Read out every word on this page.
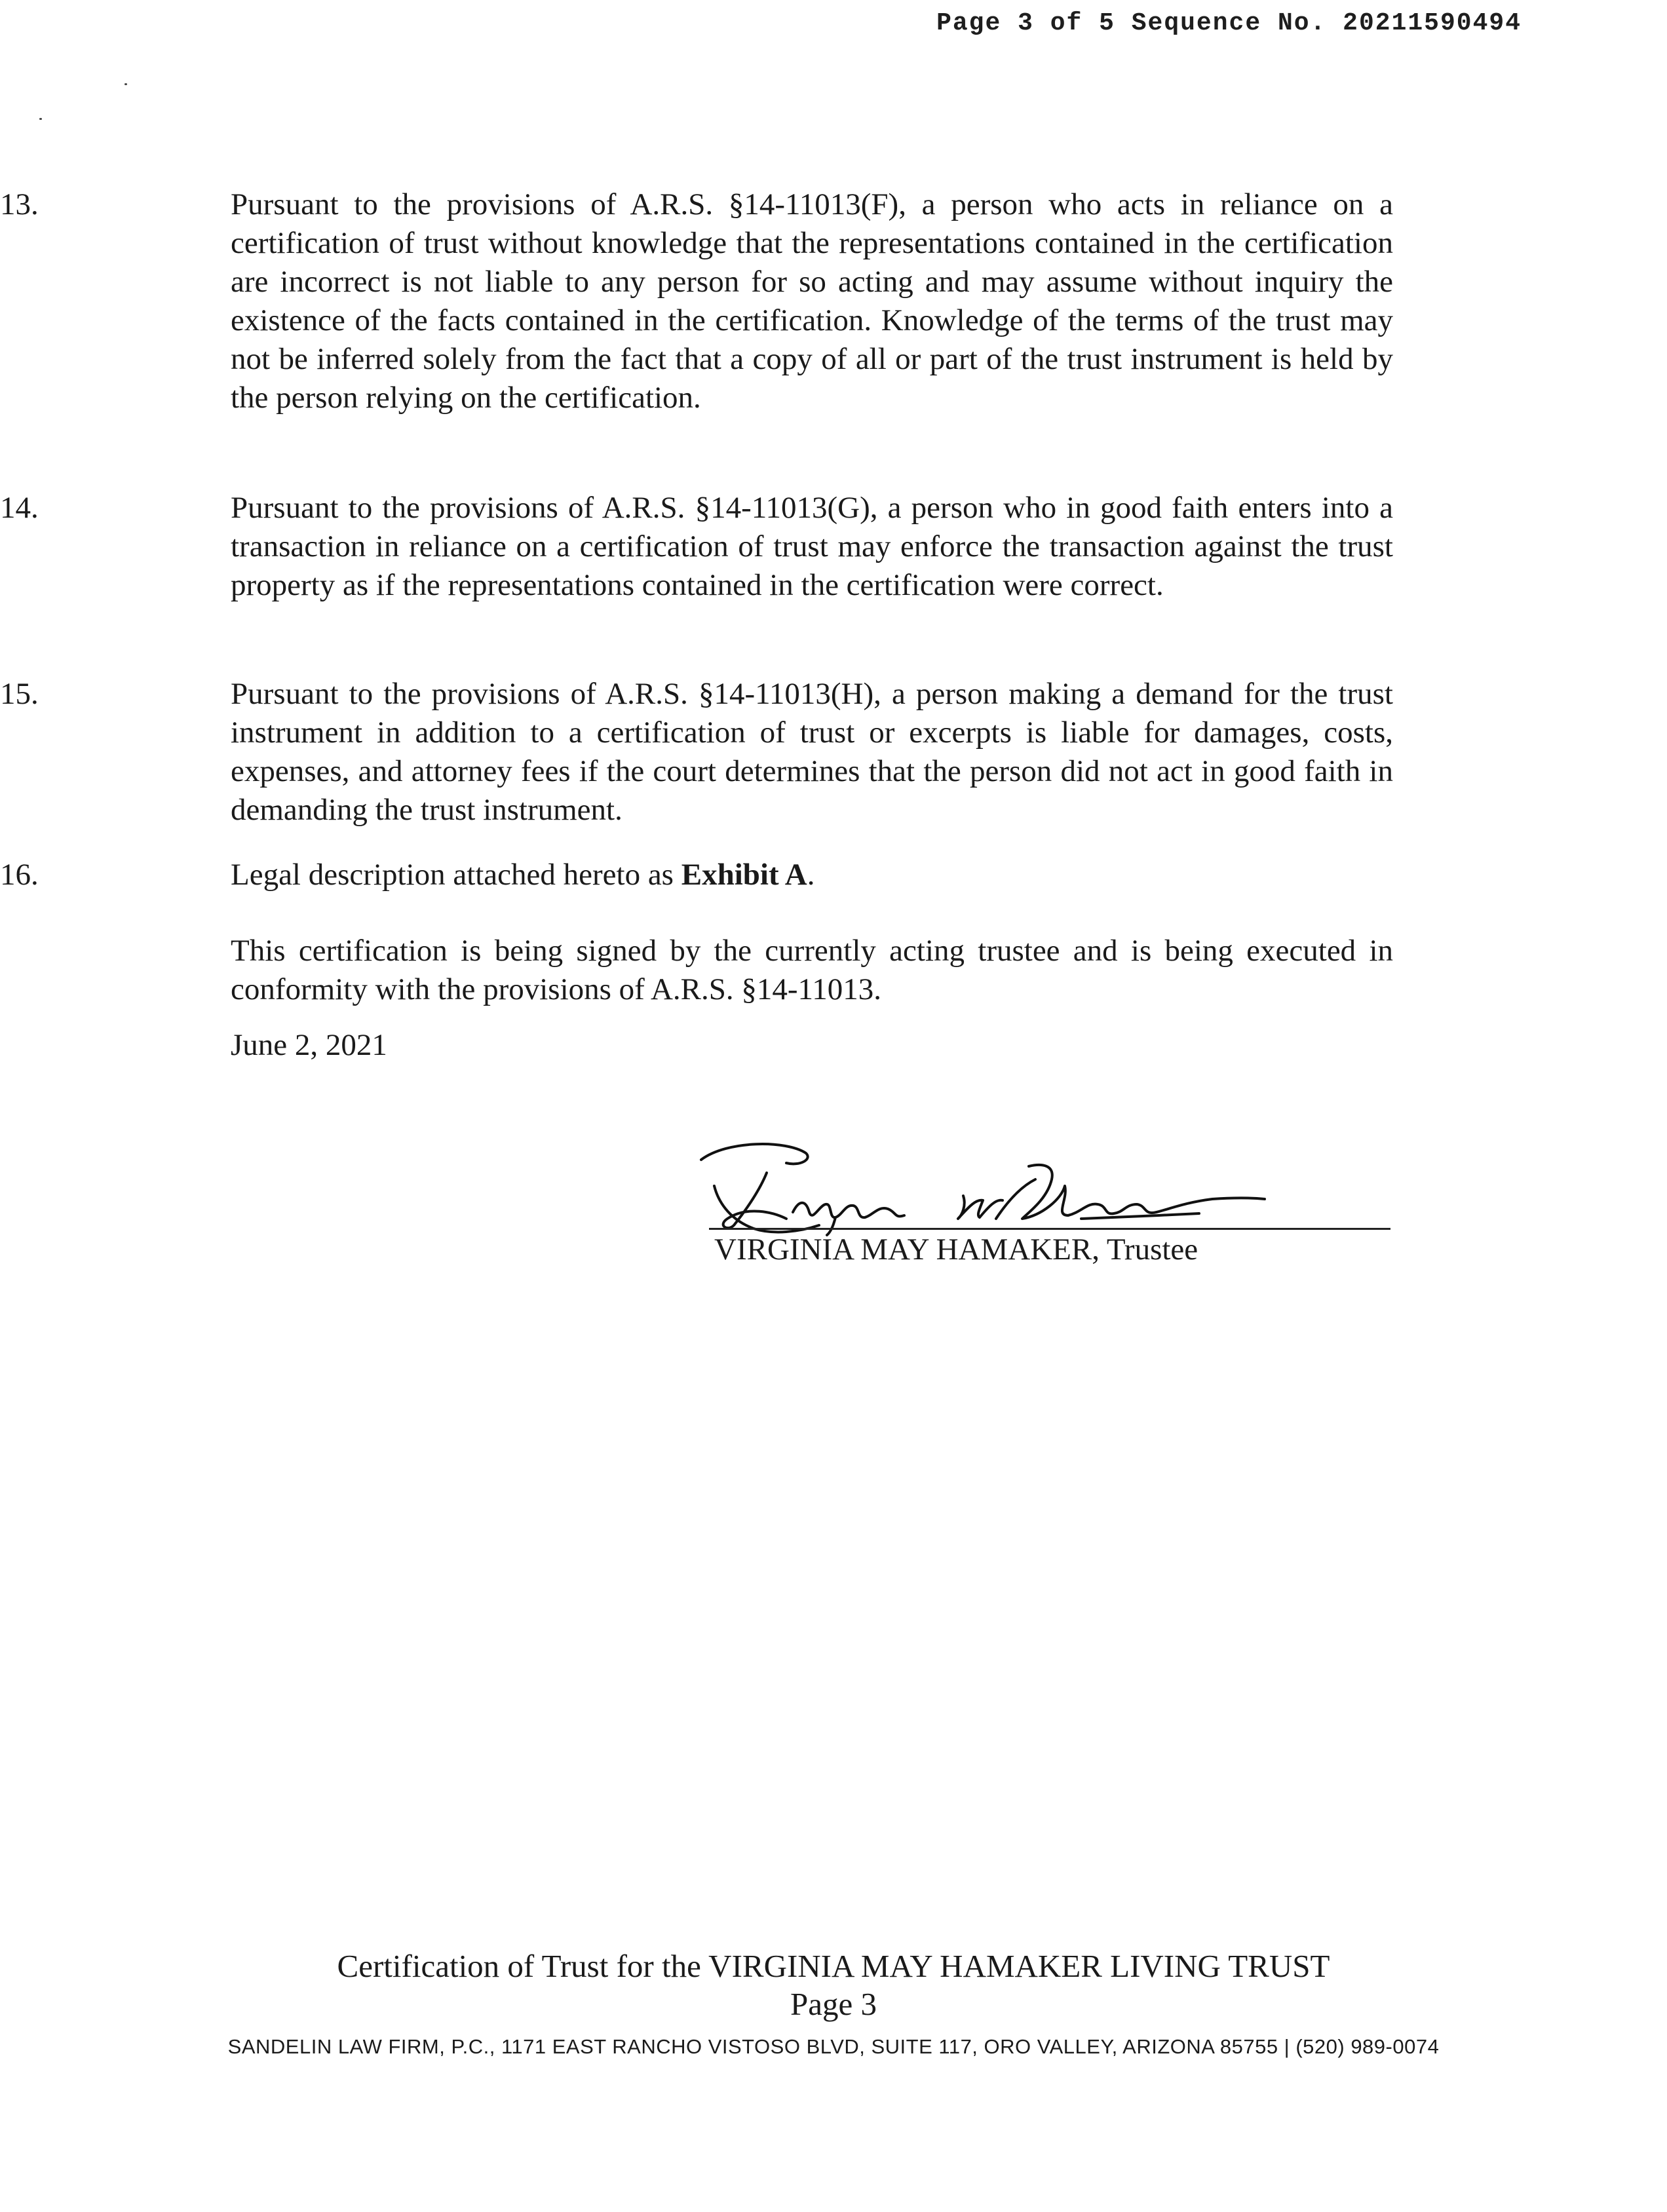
Page 3 of 5 Sequence No. 20211590494
13.	Pursuant to the provisions of A.R.S. §14-11013(F), a person who acts in reliance on a certification of trust without knowledge that the representations contained in the certification are incorrect is not liable to any person for so acting and may assume without inquiry the existence of the facts contained in the certification. Knowledge of the terms of the trust may not be inferred solely from the fact that a copy of all or part of the trust instrument is held by the person relying on the certification.
14.	Pursuant to the provisions of A.R.S. §14-11013(G), a person who in good faith enters into a transaction in reliance on a certification of trust may enforce the transaction against the trust property as if the representations contained in the certification were correct.
15.	Pursuant to the provisions of A.R.S. §14-11013(H), a person making a demand for the trust instrument in addition to a certification of trust or excerpts is liable for damages, costs, expenses, and attorney fees if the court determines that the person did not act in good faith in demanding the trust instrument.
16.	Legal description attached hereto as Exhibit A.
This certification is being signed by the currently acting trustee and is being executed in conformity with the provisions of A.R.S. §14-11013.
June 2, 2021
VIRGINIA MAY HAMAKER, Trustee
Certification of Trust for the VIRGINIA MAY HAMAKER LIVING TRUST
Page 3
SANDELIN LAW FIRM, P.C., 1171 EAST RANCHO VISTOSO BLVD, SUITE 117, ORO VALLEY, ARIZONA 85755 | (520) 989-0074
